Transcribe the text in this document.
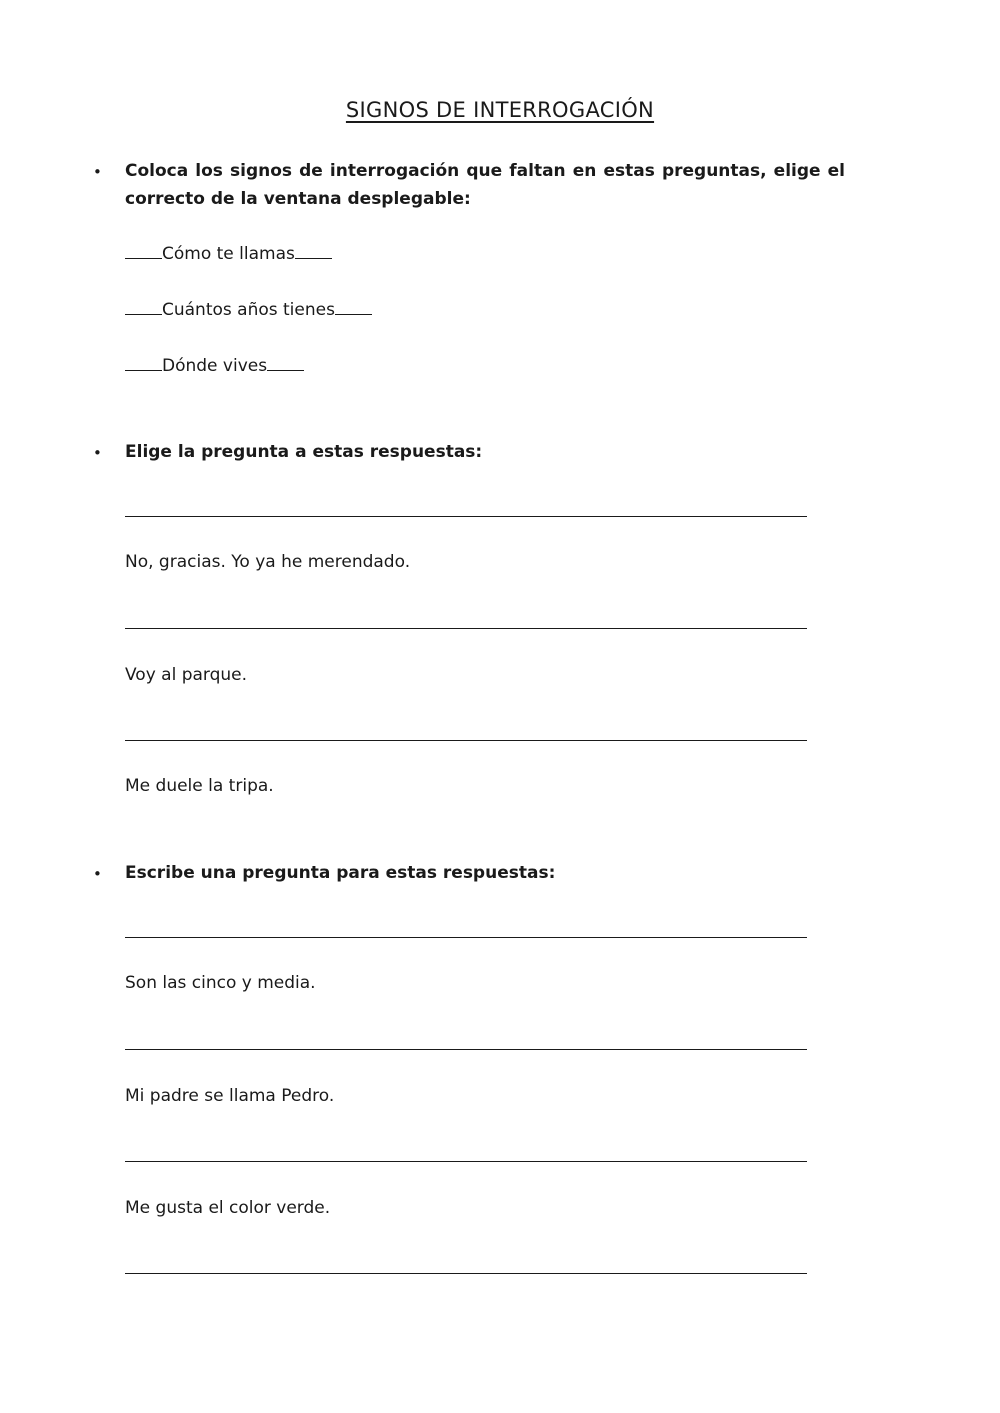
SIGNOS DE INTERROGACIÓN
• Coloca los signos de interrogación que faltan en estas preguntas, elige el correcto de la ventana desplegable:
Cómo te llamas
Cuántos años tienes
Dónde vives
• Elige la pregunta a estas respuestas:
No, gracias. Yo ya he merendado.
Voy al parque.
Me duele la tripa.
• Escribe una pregunta para estas respuestas:
Son las cinco y media.
Mi padre se llama Pedro.
Me gusta el color verde.
